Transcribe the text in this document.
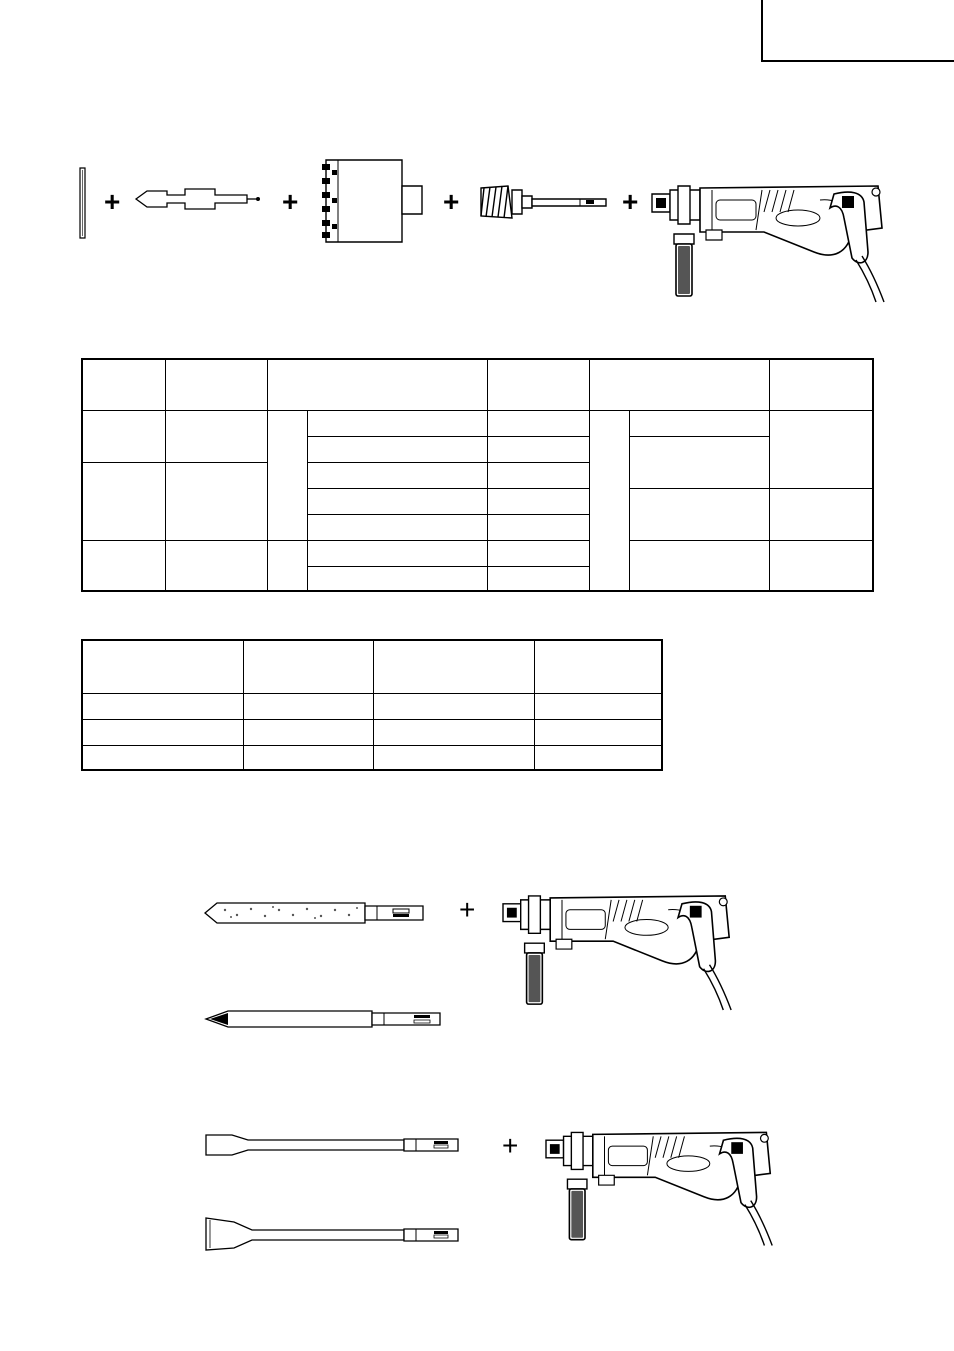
+	+	+	+

+
+
